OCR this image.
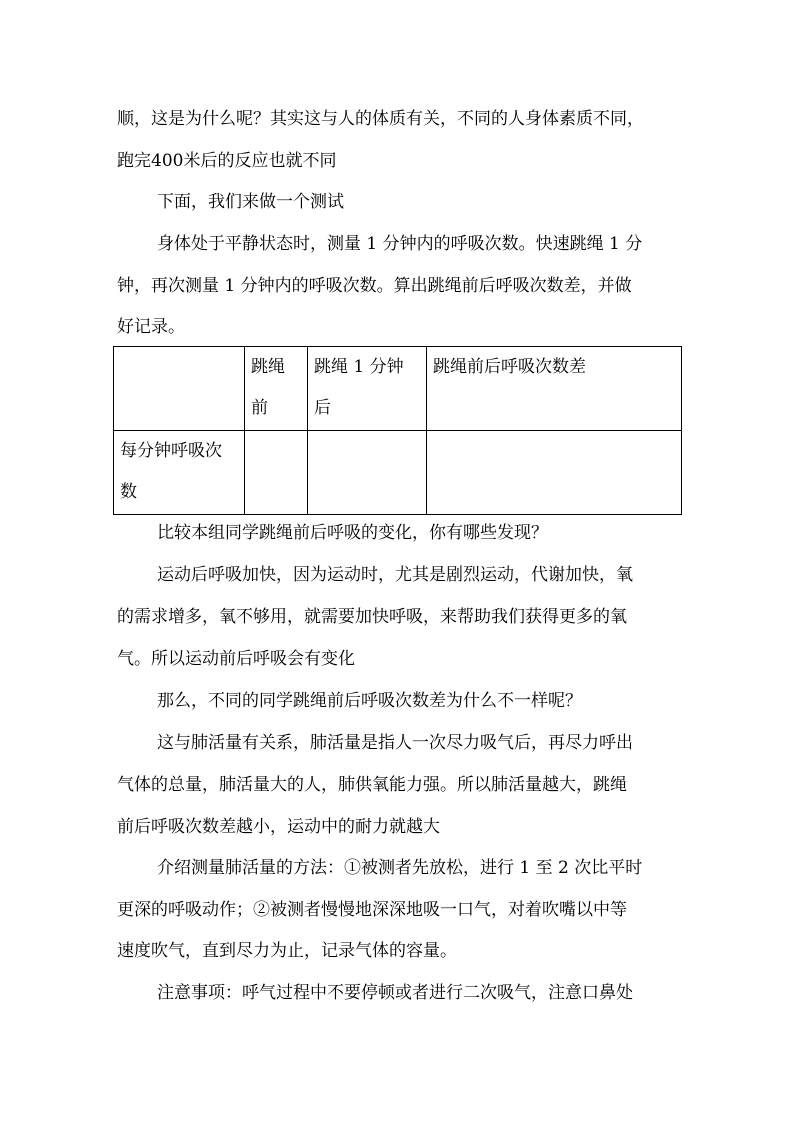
顺，这是为什么呢？其实这与人的体质有关，不同的人身体素质不同，
跑完400米后的反应也就不同
下面，我们来做一个测试
身体处于平静状态时，测量 1 分钟内的呼吸次数。快速跳绳 1 分
钟，再次测量 1 分钟内的呼吸次数。算出跳绳前后呼吸次数差，并做
好记录。
	跳绳前	跳绳 1 分钟后	跳绳前后呼吸次数差
每分钟呼吸次数			
比较本组同学跳绳前后呼吸的变化，你有哪些发现？
运动后呼吸加快，因为运动时，尤其是剧烈运动，代谢加快，氧
的需求增多，氧不够用，就需要加快呼吸，来帮助我们获得更多的氧
气。所以运动前后呼吸会有变化
那么，不同的同学跳绳前后呼吸次数差为什么不一样呢？
这与肺活量有关系，肺活量是指人一次尽力吸气后，再尽力呼出
气体的总量，肺活量大的人，肺供氧能力强。所以肺活量越大，跳绳
前后呼吸次数差越小，运动中的耐力就越大
介绍测量肺活量的方法：①被测者先放松，进行 1 至 2 次比平时
更深的呼吸动作；②被测者慢慢地深深地吸一口气，对着吹嘴以中等
速度吹气，直到尽力为止，记录气体的容量。
注意事项：呼气过程中不要停顿或者进行二次吸气，注意口鼻处
